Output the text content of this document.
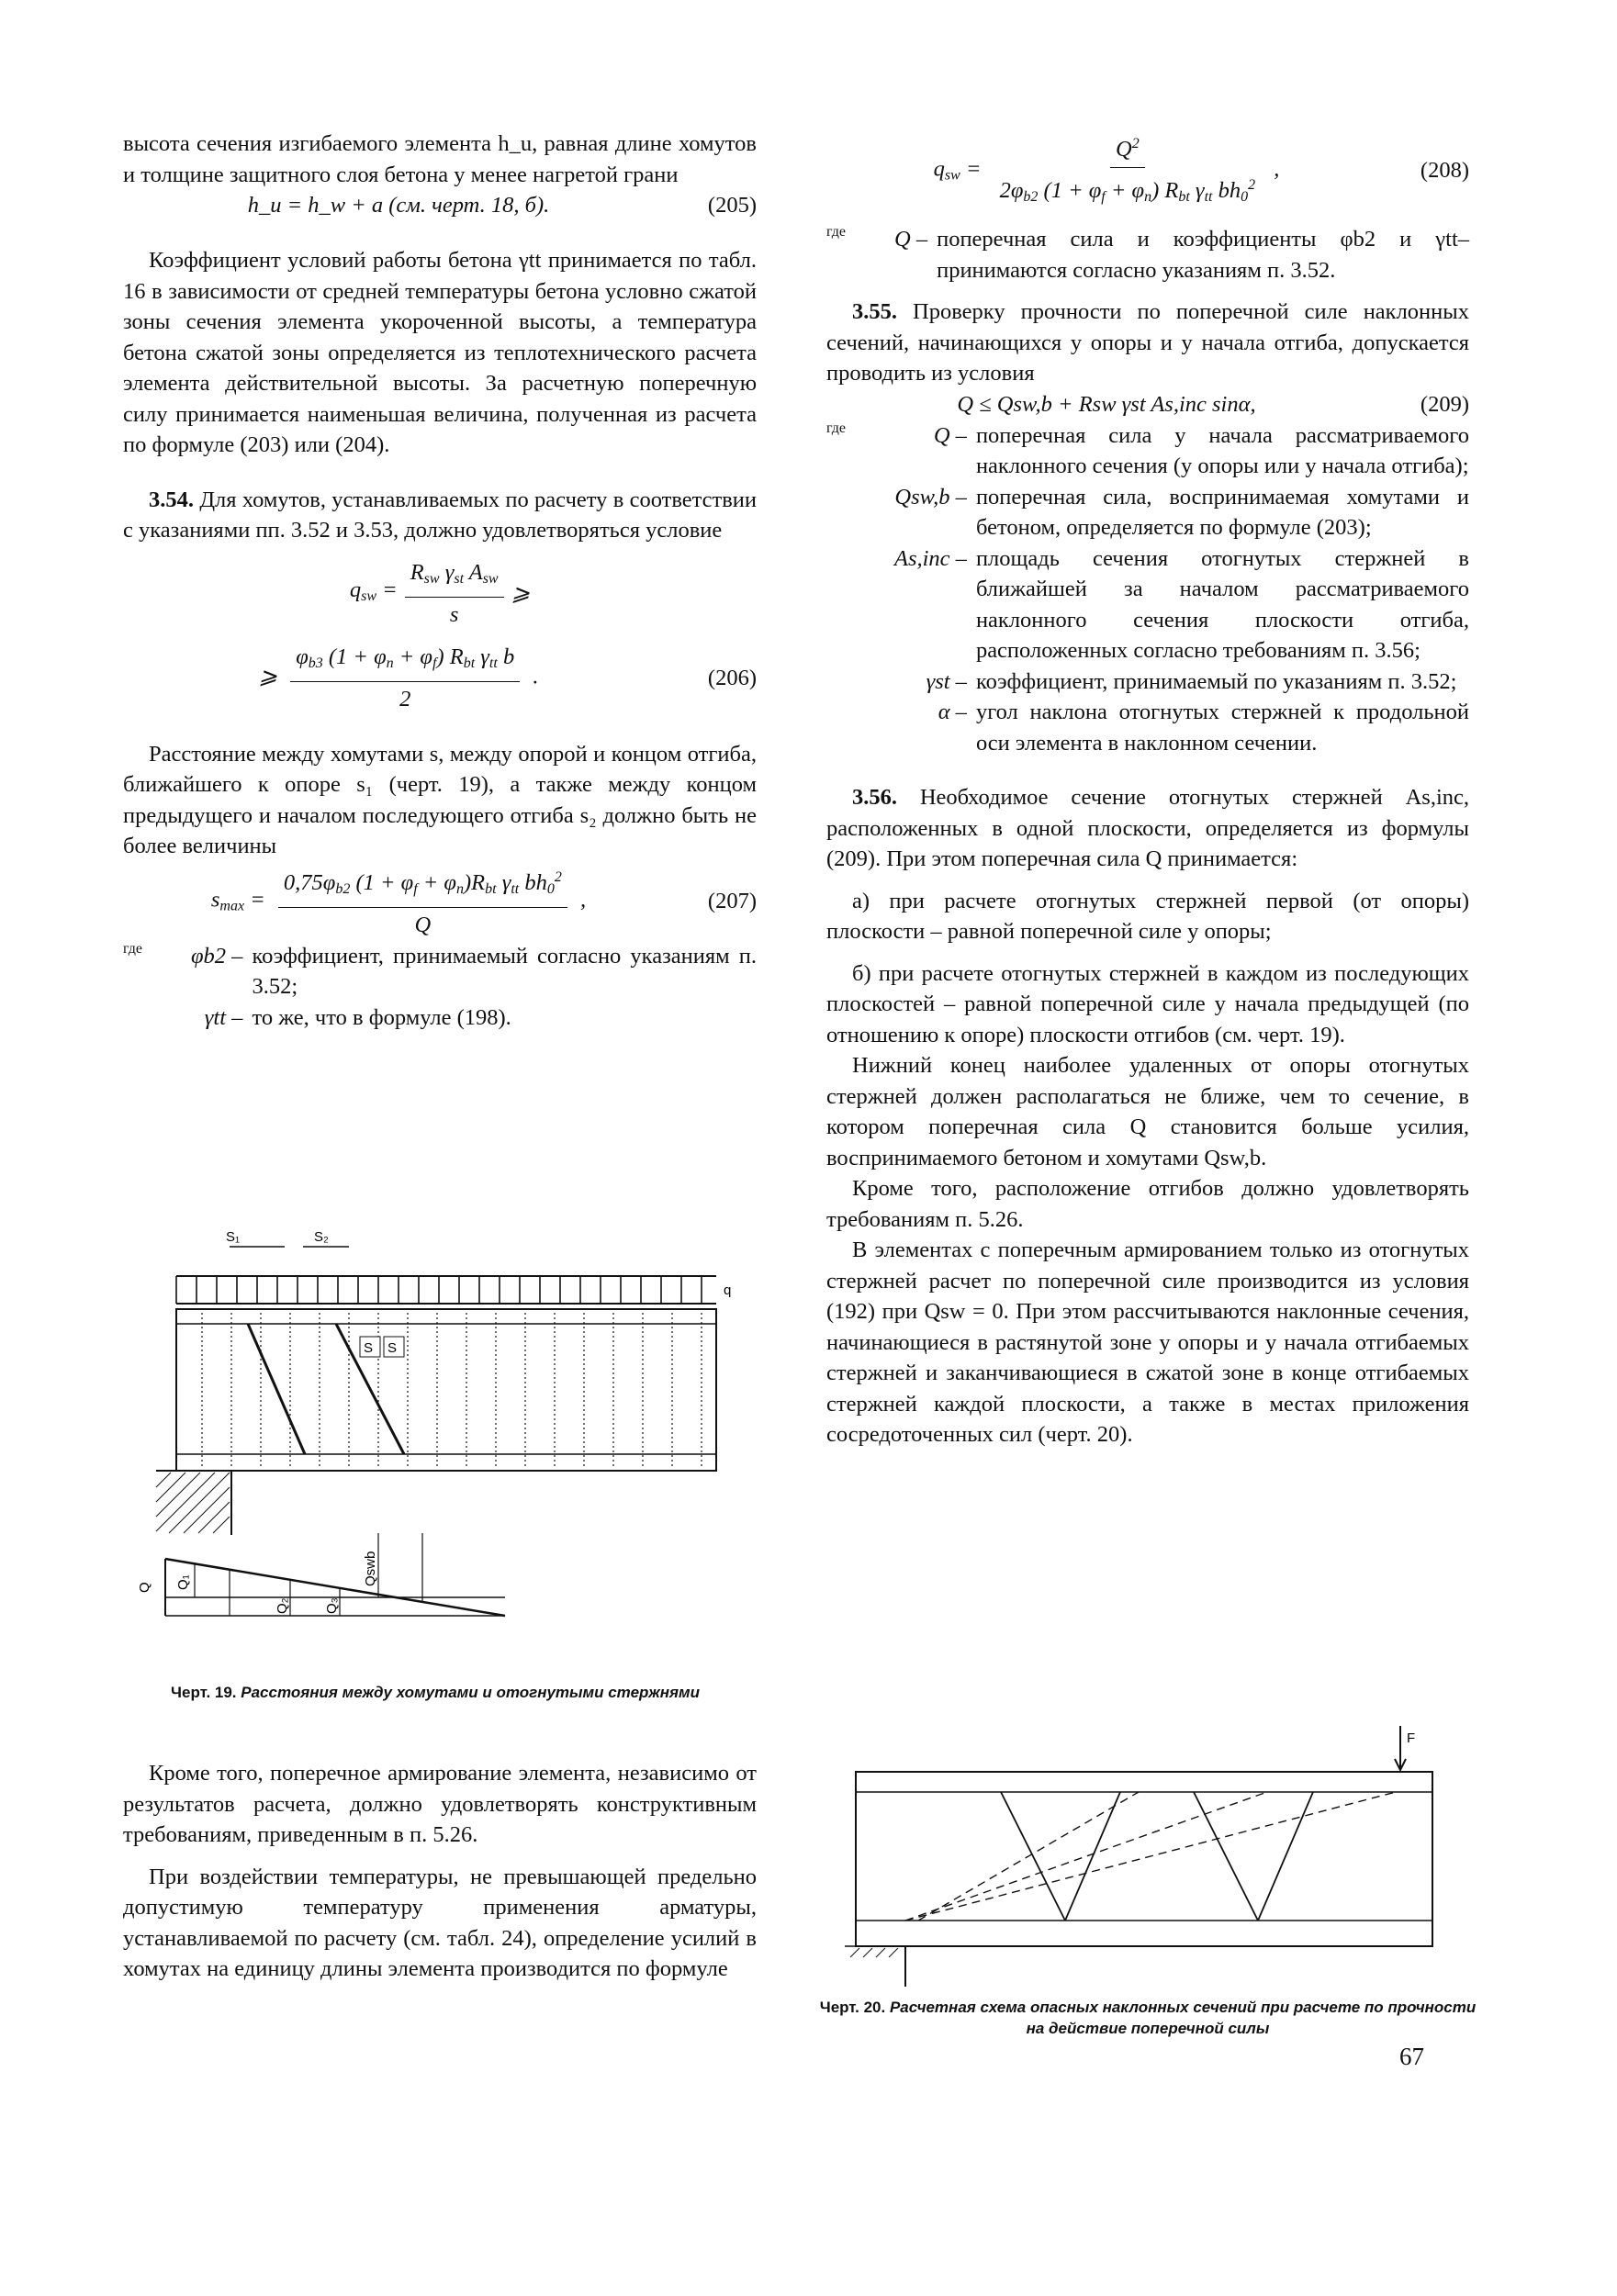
высота сечения изгибаемого элемента h_u, равная длине хомутов и толщине защитного слоя бетона у менее нагретой грани

h_u = h_w + a (см. черт. 18, б).	(205)

Коэффициент условий работы бетона γtt принимается по табл. 16 в зависимости от средней температуры бетона условно сжатой зоны сечения элемента укороченной высоты, а температура бетона сжатой зоны определяется из теплотехнического расчета элемента действительной высоты. За расчетную поперечную силу принимается наименьшая величина, полученная из расчета по формуле (203) или (204).

3.54. Для хомутов, устанавливаемых по расчету в соответствии с указаниями пп. 3.52 и 3.53, должно удовлетворяться условие

$q_{sw} = \frac{R_{sw} \gamma_{st} A_{sw}}{s}$ ⩾
⩾ $\frac{\varphi_{b3} (1 + \varphi_n + \varphi_f) R_{bt} \gamma_{tt} b}{2}$ .	(206)

Расстояние между хомутами s, между опорой и концом отгиба, ближайшего к опоре s₁ (черт. 19), а также между концом предыдущего и началом последующего отгиба s₂ должно быть не более величины

$s_{max} = \frac{0,75\varphi_{b2} (1 + \varphi_f + \varphi_n)R_{bt} \gamma_{tt} bh_0^2}{Q}$ ,	(207)
где	φb2 – коэффициент, принимаемый согласно указаниям п. 3.52;
γtt – то же, что в формуле (198).
S₁	S₂
q
S S
Q Q₁
Q₂ Q₃
Qswb
Черт. 19. Расстояния между хомутами и отогнутыми стержнями

Кроме того, поперечное армирование элемента, независимо от результатов расчета, должно удовлетворять конструктивным требованиям, приведенным в п. 5.26.

При воздействии температуры, не превышающей предельно допустимую температуру применения арматуры, устанавливаемой по расчету (см. табл. 24), определение усилий в хомутах на единицу длины элемента производится по формуле

$q_{sw} = \frac{Q^2}{2\varphi_{b2} (1 + \varphi_f + \varphi_n) R_{bt} \gamma_{tt} bh_0^2}$ ,	(208)
где	Q – поперечная сила и коэффициенты φb2 и γtt–принимаются согласно указаниям п. 3.52.

3.55. Проверку прочности по поперечной силе наклонных сечений, начинающихся у опоры и у начала отгиба, допускается проводить из условия

Q ≤ Qsw,b + Rsw γst As,inc sinα,	(209)
где	Q – поперечная сила у начала рассматриваемого наклонного сечения (у опоры или у начала отгиба);
Qsw,b – поперечная сила, воспринимаемая хомутами и бетоном, определяется по формуле (203);
As,inc – площадь сечения отогнутых стержней в ближайшей за началом рассматриваемого наклонного сечения плоскости отгиба, расположенных согласно требованиям п. 3.56;
γst – коэффициент, принимаемый по указаниям п. 3.52;
α – угол наклона отогнутых стержней к продольной оси элемента в наклонном сечении.

3.56. Необходимое сечение отогнутых стержней As,inc, расположенных в одной плоскости, определяется из формулы (209). При этом поперечная сила Q принимается:

а) при расчете отогнутых стержней первой (от опоры) плоскости – равной поперечной силе у опоры;

б) при расчете отогнутых стержней в каждом из последующих плоскостей – равной поперечной силе у начала предыдущей (по отношению к опоре) плоскости отгибов (см. черт. 19).

Нижний конец наиболее удаленных от опоры отогнутых стержней должен располагаться не ближе, чем то сечение, в котором поперечная сила Q становится больше усилия, воспринимаемого бетоном и хомутами Qsw,b.

Кроме того, расположение отгибов должно удовлетворять требованиям п. 5.26.

В элементах с поперечным армированием только из отогнутых стержней расчет по поперечной силе производится из условия (192) при Qsw = 0. При этом рассчитываются наклонные сечения, начинающиеся в растянутой зоне у опоры и у начала отгибаемых стержней и заканчивающиеся в сжатой зоне в конце отгибаемых стержней каждой плоскости, а также в местах приложения сосредоточенных сил (черт. 20).

F
Черт. 20. Расчетная схема опасных наклонных сечений при расчете по прочности на действие поперечной силы
67
